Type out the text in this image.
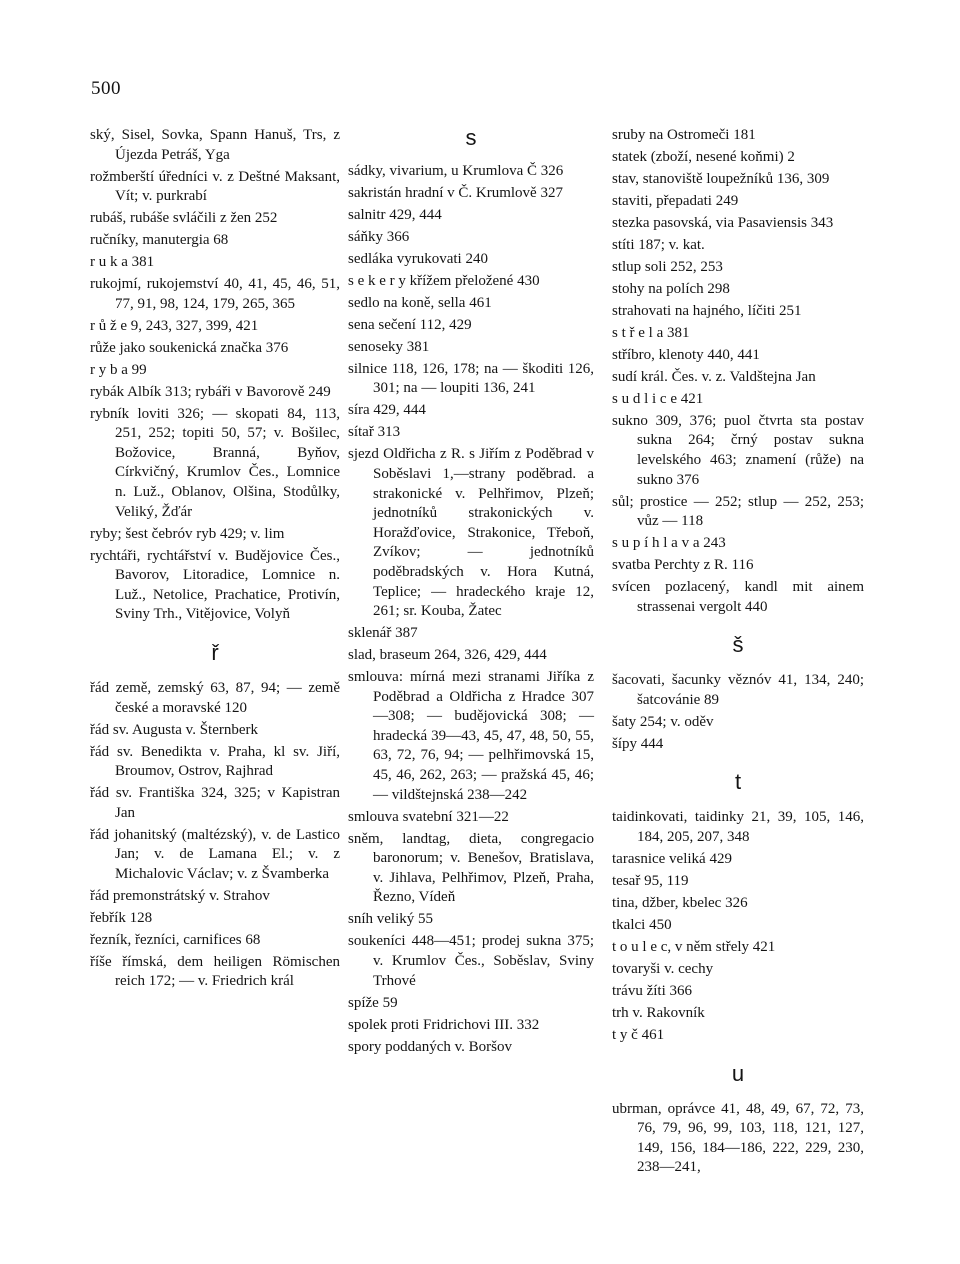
500
ský, Sisel, Sovka, Spann Hanuš, Trs, z Újezda Petráš, Yga
rožmberští úředníci v. z Deštné Maksant, Vít; v. purkrabí
rubáš, rubáše svláčili z žen 252
ručníky, manutergia 68
r u k a 381
rukojmí, rukojemství 40, 41, 45, 46, 51, 77, 91, 98, 124, 179, 265, 365
r ů ž e 9, 243, 327, 399, 421
růže jako soukenická značka 376
r y b a 99
rybák Albík 313; rybáři v Bavorově 249
rybník loviti 326; — skopati 84, 113, 251, 252; topiti 50, 57; v. Bošilec, Božovice, Branná, Byňov, Církvičný, Krumlov Čes., Lomnice n. Luž., Oblanov, Olšina, Stodůlky, Veliký, Žďár
ryby; šest čebróv ryb 429; v. lim
rychtáři, rychtářství v. Budějovice Čes., Bavorov, Litoradice, Lomnice n. Luž., Netolice, Prachatice, Protivín, Sviny Trh., Vitějovice, Volyň
ř
řád země, zemský 63, 87, 94; — země české a moravské 120
řád sv. Augusta v. Šternberk
řád sv. Benedikta v. Praha, kl sv. Jiří, Broumov, Ostrov, Rajhrad
řád sv. Františka 324, 325; v Kapistran Jan
řád johanitský (maltézský), v. de Lastico Jan; v. de Lamana El.; v. z Michalovic Václav; v. z Švamberka
řád premonstrátský v. Strahov
řebřík 128
řezník, řezníci, carnifices 68
říše římská, dem heiligen Römischen reich 172; — v. Friedrich král
s
sádky, vivarium, u Krumlova Č 326
sakristán hradní v Č. Krumlově 327
salnitr 429, 444
sáňky 366
sedláka vyrukovati 240
s e k e r y křížem přeložené 430
sedlo na koně, sella 461
sena sečení 112, 429
senoseky 381
silnice 118, 126, 178; na — škoditi 126, 301; na — loupiti 136, 241
síra 429, 444
sítař 313
sjezd Oldřicha z R. s Jiřím z Poděbrad v Soběslavi 1,—strany poděbrad. a strakonické v. Pelhřimov, Plzeň; jednotníků strakonických v. Horažďovice, Strakonice, Třeboň, Zvíkov; — jednotníků poděbradských v. Hora Kutná, Teplice; — hradeckého kraje 12, 261; sr. Kouba, Žatec
sklenář 387
slad, braseum 264, 326, 429, 444
smlouva: mírná mezi stranami Jiříka z Poděbrad a Oldřicha z Hradce 307—308; — budějovická 308; — hradecká 39—43, 45, 47, 48, 50, 55, 63, 72, 76, 94; — pelhřimovská 15, 45, 46, 262, 263; — pražská 45, 46; — vildštejnská 238—242
smlouva svatební 321—22
sněm, landtag, dieta, congregacio baronorum; v. Benešov, Bratislava, v. Jihlava, Pelhřimov, Plzeň, Praha, Řezno, Vídeň
sníh veliký 55
soukeníci 448—451; prodej sukna 375; v. Krumlov Čes., Soběslav, Sviny Trhové
spíže 59
spolek proti Fridrichovi III. 332
spory poddaných v. Boršov
sruby na Ostromeči 181
statek (zboží, nesené koňmi) 2
stav, stanoviště loupežníků 136, 309
staviti, přepadati 249
stezka pasovská, via Pasaviensis 343
stíti 187; v. kat.
stlup soli 252, 253
stohy na polích 298
strahovati na hajného, líčiti 251
s t ř e l a 381
stříbro, klenoty 440, 441
sudí král. Čes. v. z. Valdštejna Jan
s u d l i c e 421
sukno 309, 376; puol čtvrta sta postav sukna 264; črný postav sukna levelského 463; znamení (růže) na sukno 376
sůl; prostice — 252; stlup — 252, 253; vůz — 118
s u p í h l a v a 243
svatba Perchty z R. 116
svícen pozlacený, kandl mit ainem strassenai vergolt 440
š
šacovati, šacunky věznóv 41, 134, 240; šatcovánie 89
šaty 254; v. oděv
šípy 444
t
taidinkovati, taidinky 21, 39, 105, 146, 184, 205, 207, 348
tarasnice veliká 429
tesař 95, 119
tina, džber, kbelec 326
tkalci 450
t o u l e c, v něm střely 421
tovaryši v. cechy
trávu žíti 366
trh v. Rakovník
t y č 461
u
ubrman, oprávce 41, 48, 49, 67, 72, 73, 76, 79, 96, 99, 103, 118, 121, 127, 149, 156, 184—186, 222, 229, 230, 238—241,
